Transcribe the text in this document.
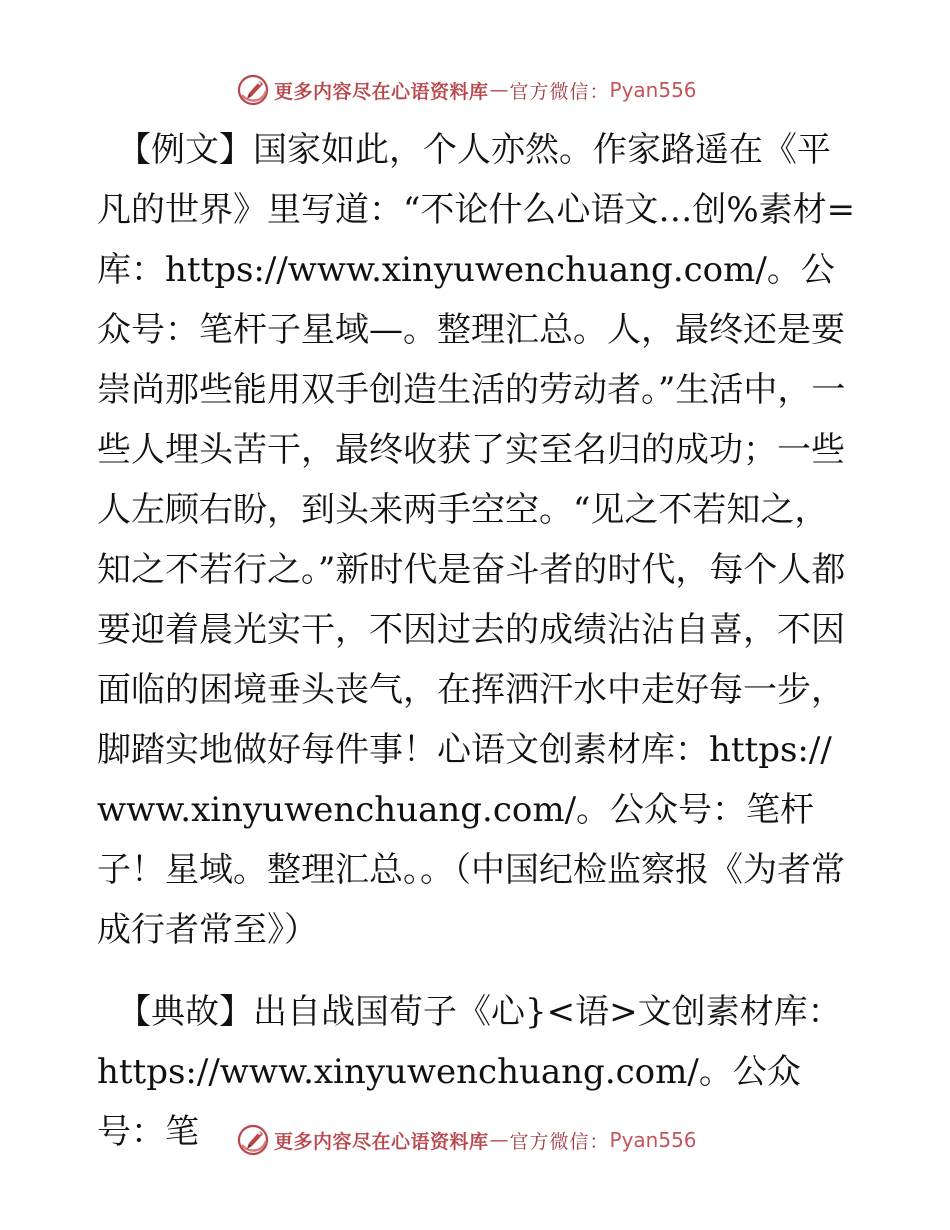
更多内容尽在心语资料库 — 官方微信： Pyan556

【例文】国家如此，个人亦然。作家路遥在《平凡的世界》里写道：“不论什么心语文…创%素材=库：https://www.xinyuwenchuang.com/。公众号：笔杆子星域—。整理汇总。人，最终还是要崇尚那些能用双手创造生活的劳动者。”生活中，一些人埋头苦干，最终收获了实至名归的成功；一些人左顾右盼，到头来两手空空。“见之不若知之，知之不若行之。”新时代是奋斗者的时代，每个人都要迎着晨光实干，不因过去的成绩沾沾自喜，不因面临的困境垂头丧气，在挥洒汗水中走好每一步，脚踏实地做好每件事！心语文创素材库：https://www.xinyuwenchuang.com/。公众号：笔杆子！星域。整理汇总。。（中国纪检监察报《为者常成行者常至》）

【典故】出自战国荀子《心}<语>文创素材库：https://www.xinyuwenchuang.com/。公众号：笔	更多内容尽在心语资料库 — 官方微信： Pyan556
